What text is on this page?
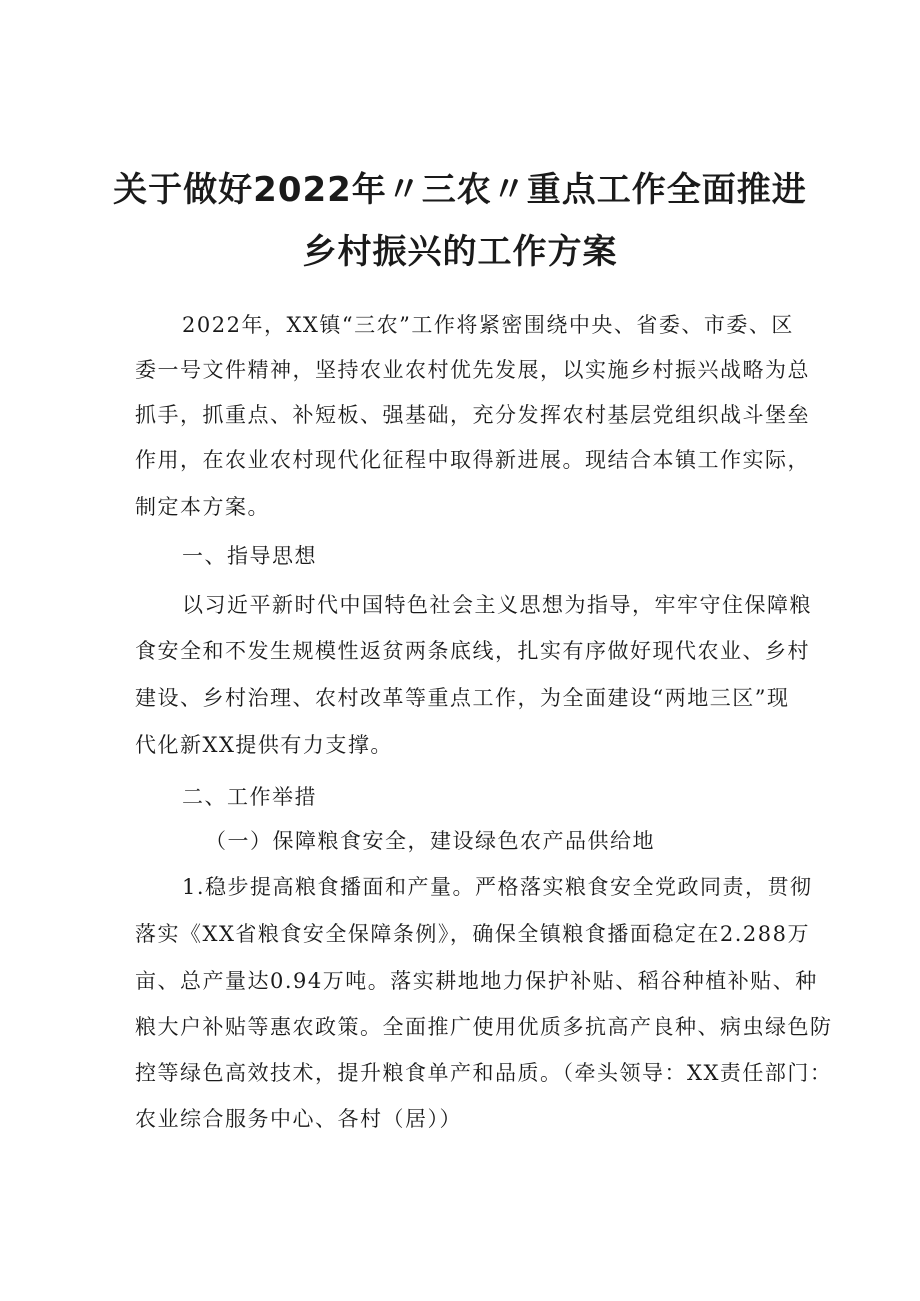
关于做好2022年〃三农〃重点工作全面推进
乡村振兴的工作方案

2022年，XX镇“三农”工作将紧密围绕中央、省委、市委、区

委一号文件精神，坚持农业农村优先发展，以实施乡村振兴战略为总

抓手，抓重点、补短板、强基础，充分发挥农村基层党组织战斗堡垒

作用，在农业农村现代化征程中取得新进展。现结合本镇工作实际，

制定本方案。

一、指导思想

以习近平新时代中国特色社会主义思想为指导，牢牢守住保障粮

食安全和不发生规模性返贫两条底线，扎实有序做好现代农业、乡村

建设、乡村治理、农村改革等重点工作，为全面建设“两地三区”现

代化新XX提供有力支撑。

二、工作举措

（一）保障粮食安全，建设绿色农产品供给地

1.稳步提高粮食播面和产量。严格落实粮食安全党政同责，贯彻

落实《XX省粮食安全保障条例》，确保全镇粮食播面稳定在2.288万

亩、总产量达0.94万吨。落实耕地地力保护补贴、稻谷种植补贴、种

粮大户补贴等惠农政策。全面推广使用优质多抗高产良种、病虫绿色防

控等绿色高效技术，提升粮食单产和品质。（牵头领导：XX责任部门：

农业综合服务中心、各村（居））
